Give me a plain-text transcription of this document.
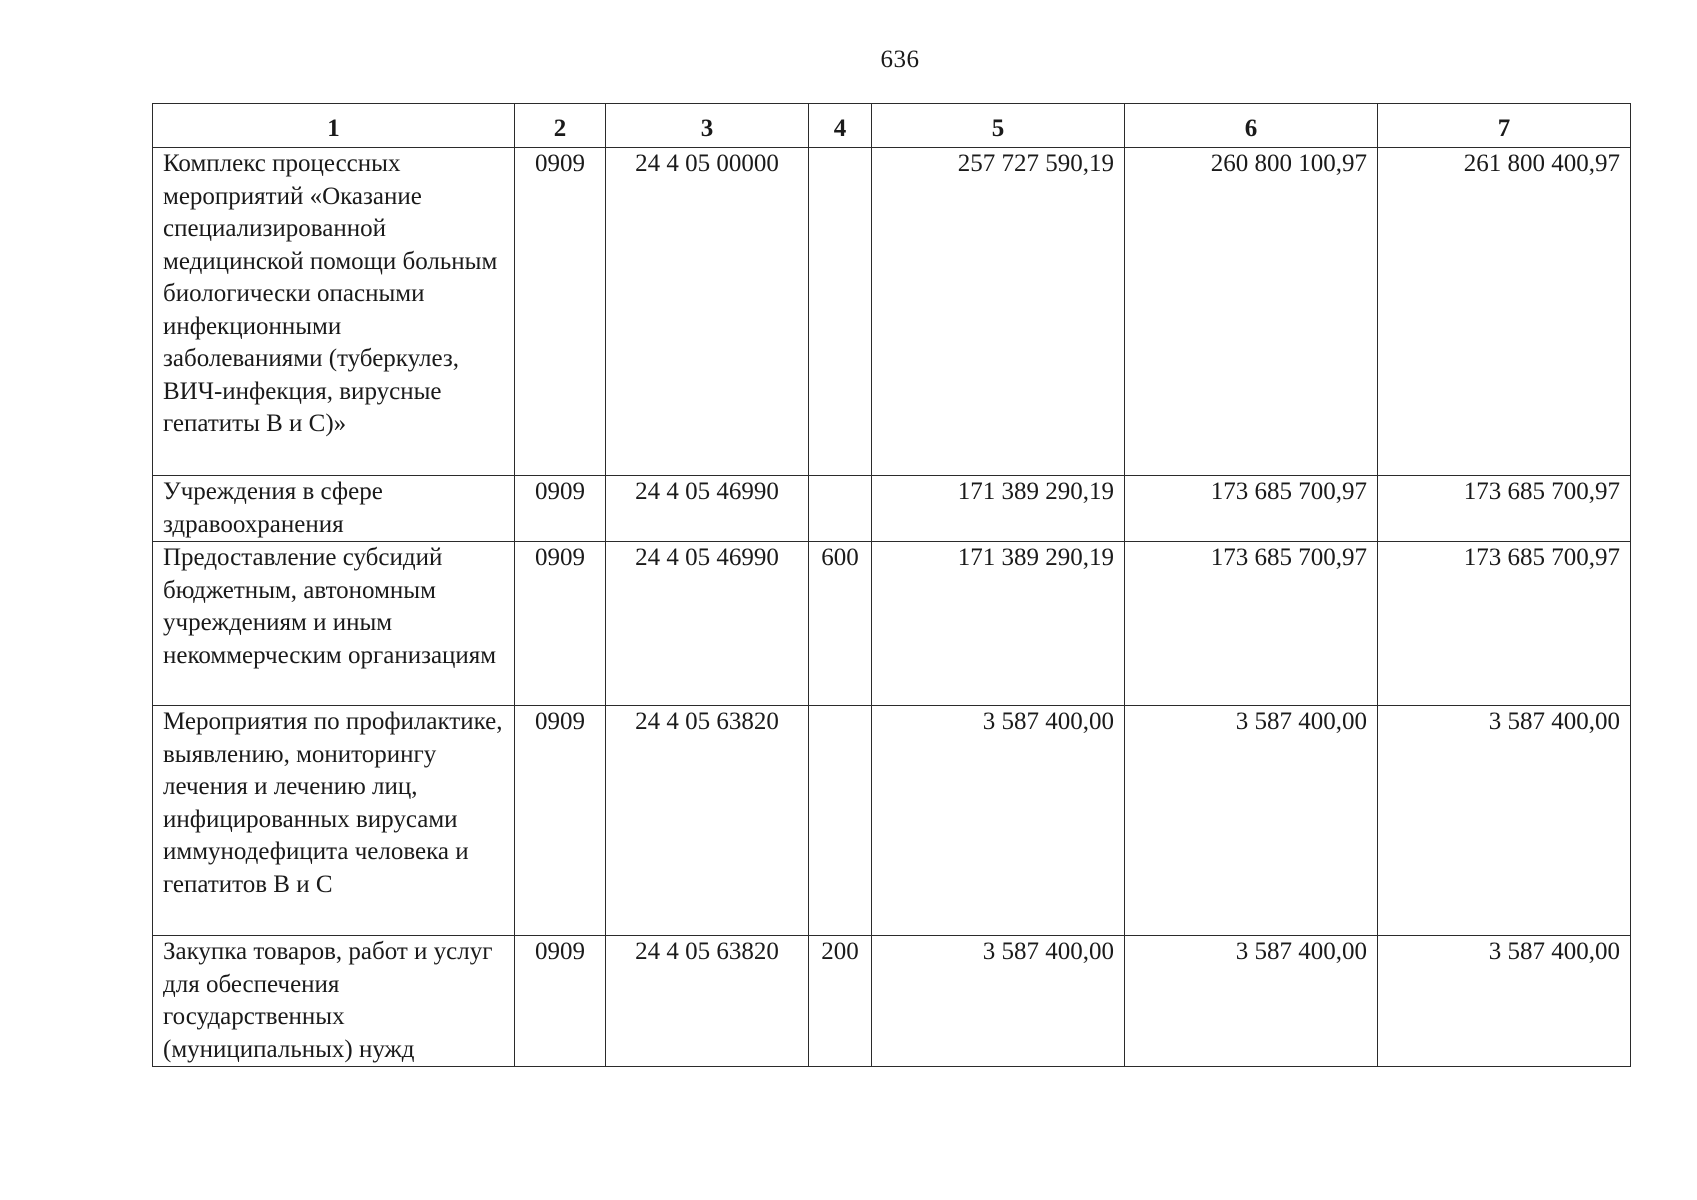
636
1	2	3	4	5	6	7
Комплекс процессных мероприятий «Оказание специализированной медицинской помощи больным биологически опасными инфекционными заболеваниями (туберкулез, ВИЧ-инфекция, вирусные гепатиты В и С)»	0909	24 4 05 00000		257 727 590,19	260 800 100,97	261 800 400,97
Учреждения в сфере здравоохранения	0909	24 4 05 46990		171 389 290,19	173 685 700,97	173 685 700,97
Предоставление субсидий бюджетным, автономным учреждениям и иным некоммерческим организациям	0909	24 4 05 46990	600	171 389 290,19	173 685 700,97	173 685 700,97
Мероприятия по профилактике, выявлению, мониторингу лечения и лечению лиц, инфицированных вирусами иммунодефицита человека и гепатитов В и С	0909	24 4 05 63820		3 587 400,00	3 587 400,00	3 587 400,00
Закупка товаров, работ и услуг для обеспечения государственных (муниципальных) нужд	0909	24 4 05 63820	200	3 587 400,00	3 587 400,00	3 587 400,00
